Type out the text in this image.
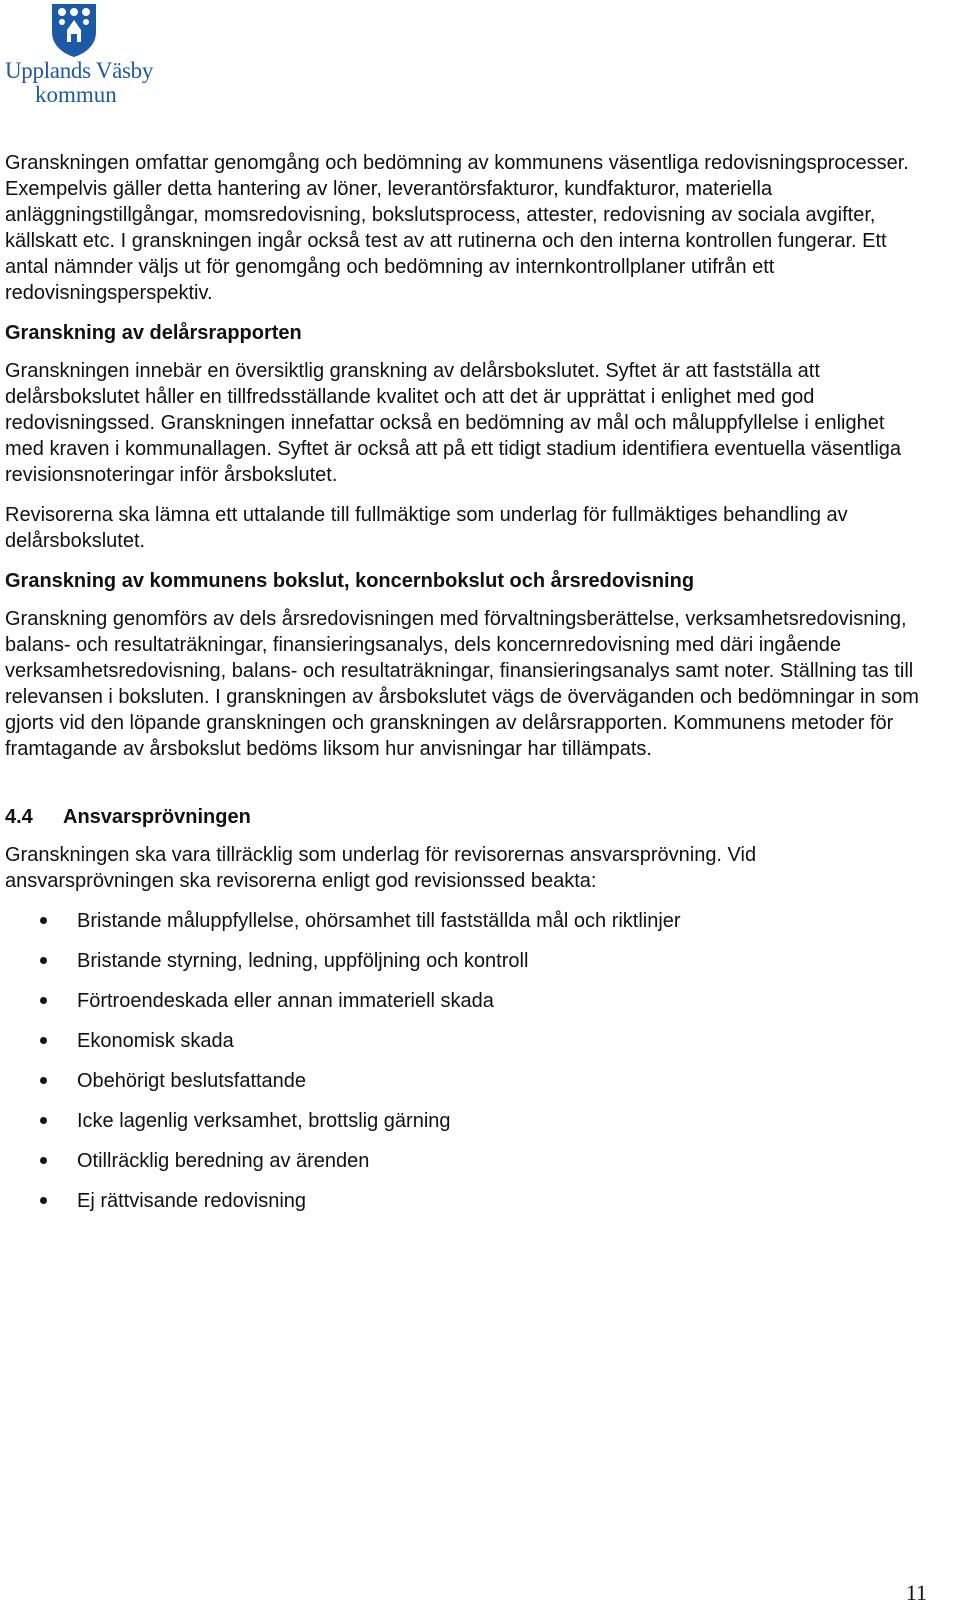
Upplands Väsby
kommun

Granskningen omfattar genomgång och bedömning av kommunens väsentliga redovisningsprocesser. Exempelvis gäller detta hantering av löner, leverantörsfakturor, kundfakturor, materiella anläggningstillgångar, momsredovisning, bokslutsprocess, attester, redovisning av sociala avgifter, källskatt etc. I granskningen ingår också test av att rutinerna och den interna kontrollen fungerar. Ett antal nämnder väljs ut för genomgång och bedömning av internkontrollplaner utifrån ett redovisningsperspektiv.

Granskning av delårsrapporten

Granskningen innebär en översiktlig granskning av delårsbokslutet. Syftet är att fastställa att delårsbokslutet håller en tillfredsställande kvalitet och att det är upprättat i enlighet med god redovisningssed. Granskningen innefattar också en bedömning av mål och måluppfyllelse i enlighet med kraven i kommunallagen. Syftet är också att på ett tidigt stadium identifiera eventuella väsentliga revisionsnoteringar inför årsbokslutet.

Revisorerna ska lämna ett uttalande till fullmäktige som underlag för fullmäktiges behandling av delårsbokslutet.

Granskning av kommunens bokslut, koncernbokslut och årsredovisning

Granskning genomförs av dels årsredovisningen med förvaltningsberättelse, verksamhetsredovisning, balans- och resultaträkningar, finansieringsanalys, dels koncernredovisning med däri ingående verksamhetsredovisning, balans- och resultaträkningar, finansieringsanalys samt noter. Ställning tas till relevansen i boksluten. I granskningen av årsbokslutet vägs de överväganden och bedömningar in som gjorts vid den löpande granskningen och granskningen av delårsrapporten. Kommunens metoder för framtagande av årsbokslut bedöms liksom hur anvisningar har tillämpats.

4.4 Ansvarsprövningen

Granskningen ska vara tillräcklig som underlag för revisorernas ansvarsprövning. Vid ansvarsprövningen ska revisorerna enligt god revisionssed beakta:

Bristande måluppfyllelse, ohörsamhet till fastställda mål och riktlinjer
Bristande styrning, ledning, uppföljning och kontroll
Förtroendeskada eller annan immateriell skada
Ekonomisk skada
Obehörigt beslutsfattande
Icke lagenlig verksamhet, brottslig gärning
Otillräcklig beredning av ärenden
Ej rättvisande redovisning
11
